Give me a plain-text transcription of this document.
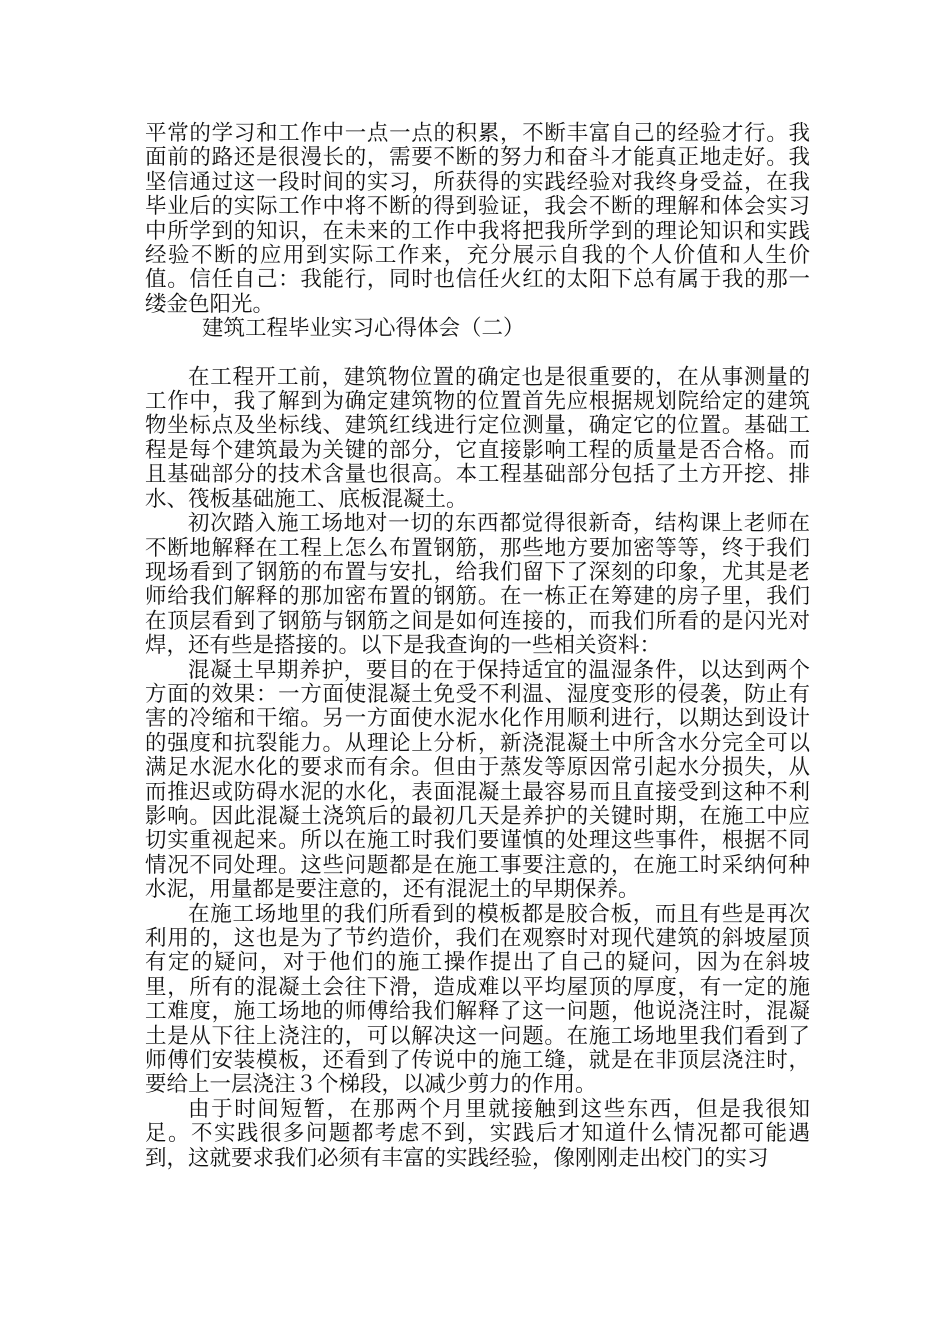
平常的学习和工作中一点一点的积累，不断丰富自己的经验才行。我面前的路还是很漫长的，需要不断的努力和奋斗才能真正地走好。我坚信通过这一段时间的实习，所获得的实践经验对我终身受益，在我毕业后的实际工作中将不断的得到验证，我会不断的理解和体会实习中所学到的知识，在未来的工作中我将把我所学到的理论知识和实践经验不断的应用到实际工作来，充分展示自我的个人价值和人生价值。信任自己：我能行，同时也信任火红的太阳下总有属于我的那一缕金色阳光。

建筑工程毕业实习心得体会（二）

在工程开工前，建筑物位置的确定也是很重要的，在从事测量的工作中，我了解到为确定建筑物的位置首先应根据规划院给定的建筑物坐标点及坐标线、建筑红线进行定位测量，确定它的位置。基础工程是每个建筑最为关键的部分，它直接影响工程的质量是否合格。而且基础部分的技术含量也很高。本工程基础部分包括了土方开挖、排水、筏板基础施工、底板混凝土。

初次踏入施工场地对一切的东西都觉得很新奇，结构课上老师在不断地解释在工程上怎么布置钢筋，那些地方要加密等等，终于我们现场看到了钢筋的布置与安扎，给我们留下了深刻的印象，尤其是老师给我们解释的那加密布置的钢筋。在一栋正在筹建的房子里，我们在顶层看到了钢筋与钢筋之间是如何连接的，而我们所看的是闪光对焊，还有些是搭接的。以下是我查询的一些相关资料：

混凝土早期养护，要目的在于保持适宜的温湿条件，以达到两个方面的效果：一方面使混凝土免受不利温、湿度变形的侵袭，防止有害的冷缩和干缩。另一方面使水泥水化作用顺利进行，以期达到设计的强度和抗裂能力。从理论上分析，新浇混凝土中所含水分完全可以满足水泥水化的要求而有余。但由于蒸发等原因常引起水分损失，从而推迟或防碍水泥的水化，表面混凝土最容易而且直接受到这种不利影响。因此混凝土浇筑后的最初几天是养护的关键时期，在施工中应切实重视起来。所以在施工时我们要谨慎的处理这些事件，根据不同情况不同处理。这些问题都是在施工事要注意的，在施工时采纳何种水泥，用量都是要注意的，还有混泥土的早期保养。

在施工场地里的我们所看到的模板都是胶合板，而且有些是再次利用的，这也是为了节约造价，我们在观察时对现代建筑的斜坡屋顶有定的疑问，对于他们的施工操作提出了自己的疑问，因为在斜坡里，所有的混凝土会往下滑，造成难以平均屋顶的厚度，有一定的施工难度，施工场地的师傅给我们解释了这一问题，他说浇注时，混凝土是从下往上浇注的，可以解决这一问题。在施工场地里我们看到了师傅们安装模板，还看到了传说中的施工缝，就是在非顶层浇注时，要给上一层浇注３个梯段，以减少剪力的作用。

由于时间短暂，在那两个月里就接触到这些东西，但是我很知足。不实践很多问题都考虑不到，实践后才知道什么情况都可能遇到，这就要求我们必须有丰富的实践经验，像刚刚走出校门的实习
